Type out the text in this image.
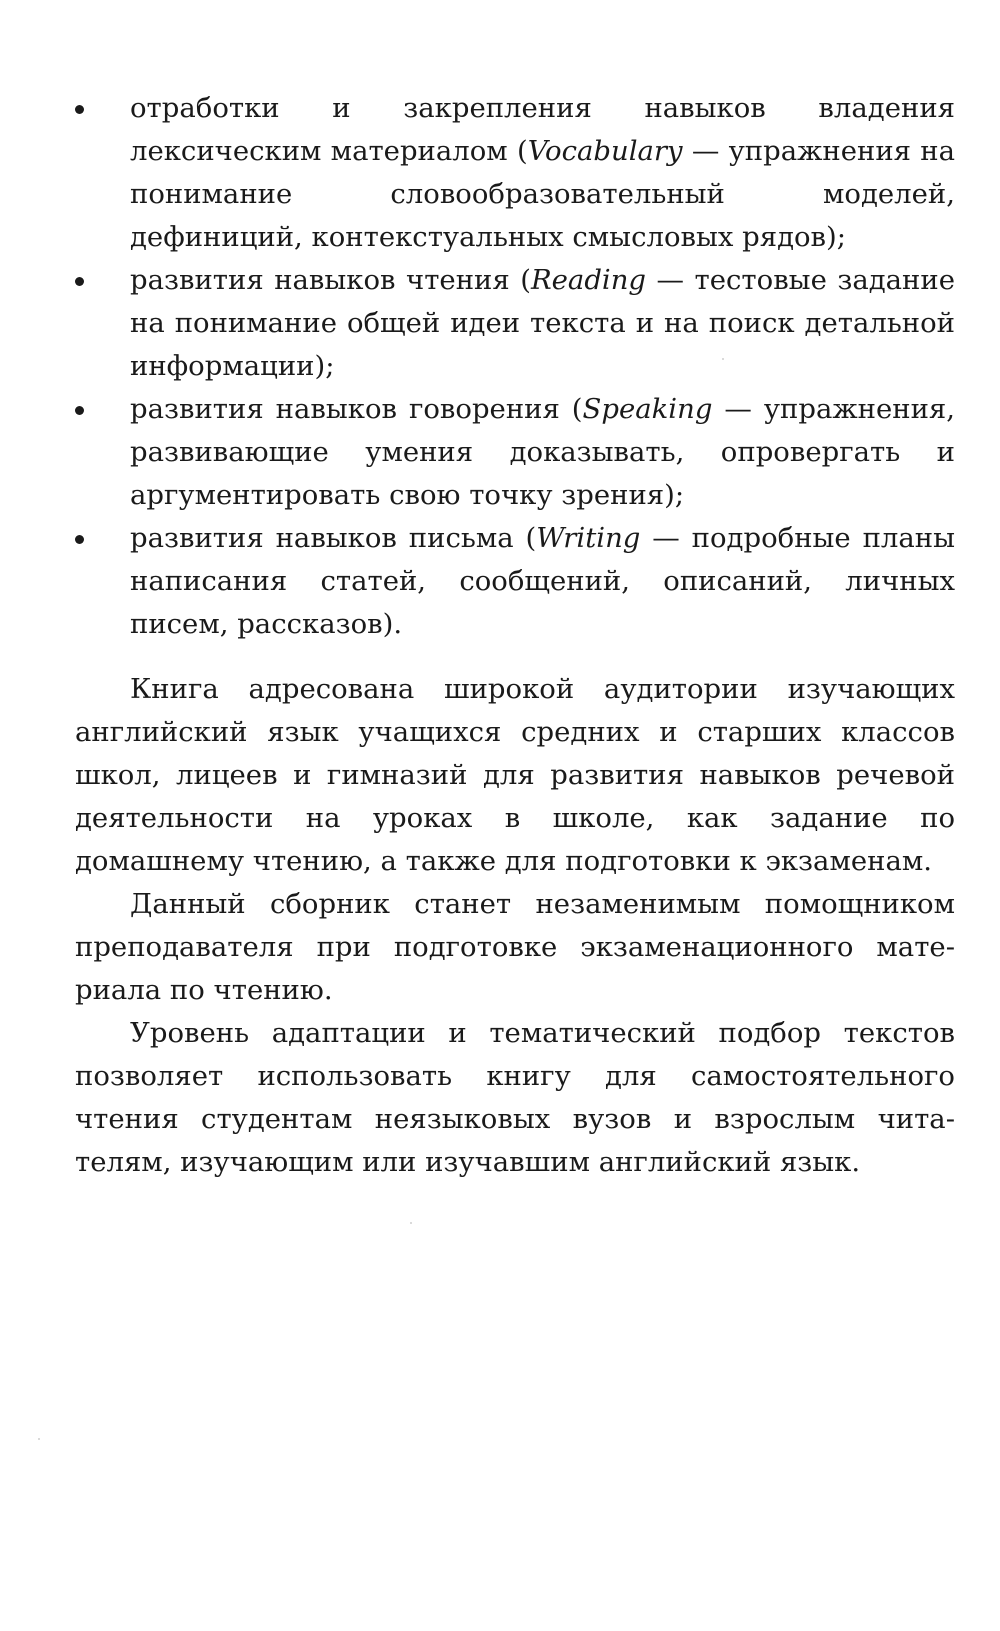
отработки и закрепления навыков владения лексическим материалом (Vocabulary — упражнения на понимание словообразовательный моделей, дефиниций, контекстуальных смысловых рядов);
развития навыков чтения (Reading — тестовые задание на понимание общей идеи текста и на поиск детальной информации);
развития навыков говорения (Speaking — упражнения, развивающие умения доказывать, опровергать и аргументировать свою точку зрения);
развития навыков письма (Writing — подробные планы написания статей, сообщений, описаний, личных писем, рассказов).

Книга адресована широкой аудитории изучающих английский язык учащихся средних и старших классов школ, лицеев и гимназий для развития навыков речевой деятельности на уроках в школе, как задание по домашнему чтению, а также для подготовки к экзаменам.

Данный сборник станет незаменимым помощником преподавателя при подготовке экзаменационного материала по чтению.

Уровень адаптации и тематический подбор текстов позволяет использовать книгу для самостоятельного чтения студентам неязыковых вузов и взрослым читателям, изучающим или изучавшим английский язык.
